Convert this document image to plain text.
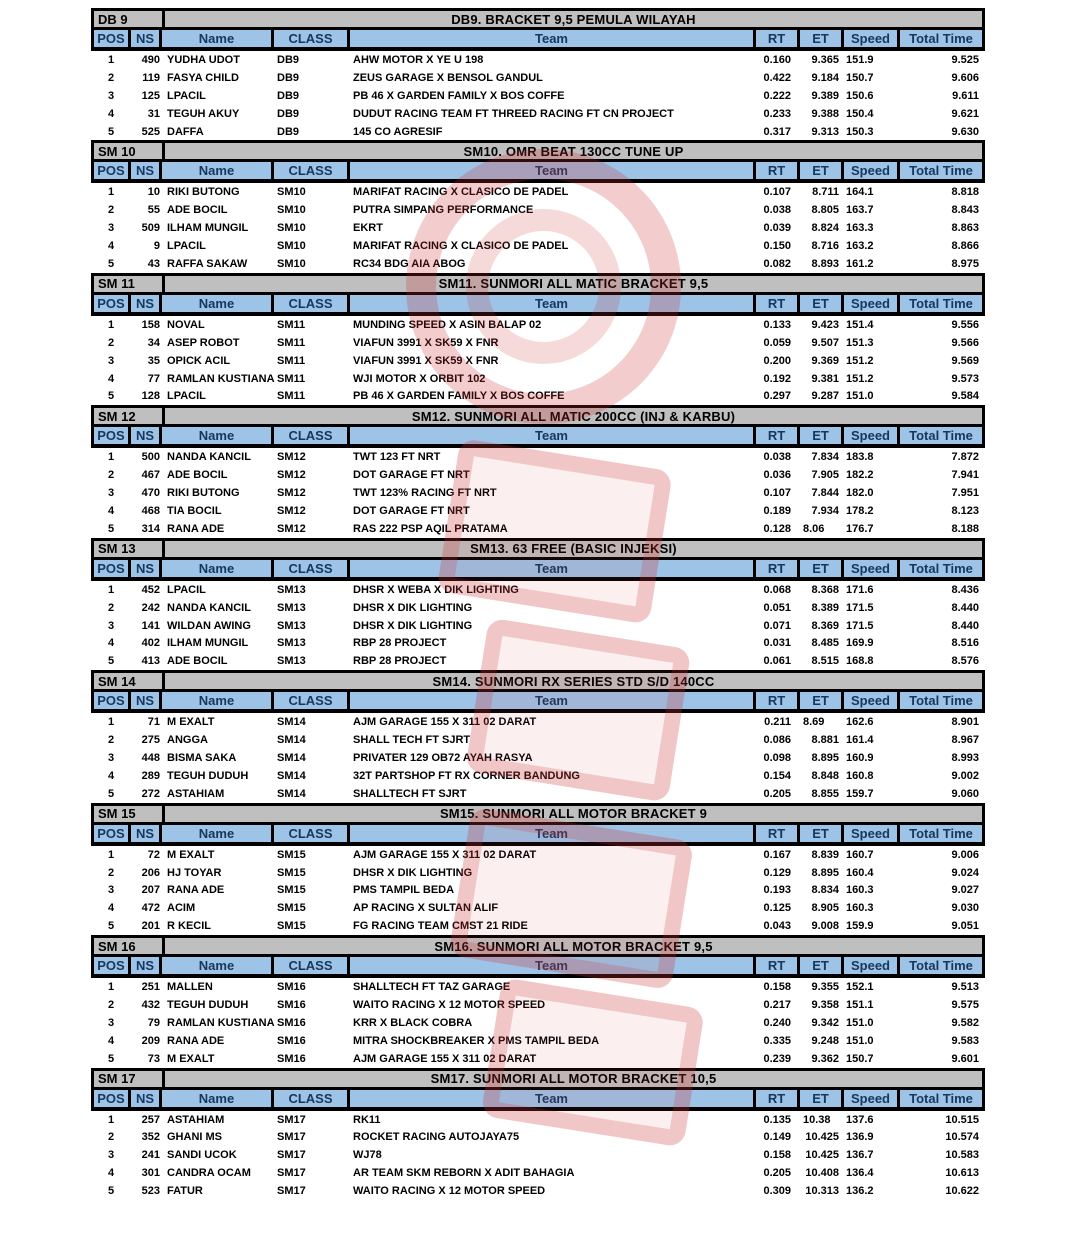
DB 9	DB9. BRACKET 9,5 PEMULA WILAYAH
POS NS	Name	CLASS	Team	RT	ET	Speed	Total Time
1	490 YUDHA UDOT	DB9	AHW MOTOR X YE U 198	0.160	9.365 151.9	9.525
2	119 FASYA CHILD	DB9	ZEUS GARAGE X BENSOL GANDUL	0.422	9.184 150.7	9.606
3	125 LPACIL	DB9	PB 46 X GARDEN FAMILY X BOS COFFE	0.222	9.389 150.6	9.611
4	31 TEGUH AKUY	DB9	DUDUT RACING TEAM FT THREED RACING FT CN PROJECT	0.233	9.388 150.4	9.621
5	525 DAFFA	DB9	145 CO AGRESIF	0.317	9.313 150.3	9.630
SM 10	SM10. OMR BEAT 130CC TUNE UP
POS NS	Name	CLASS	Team	RT	ET	Speed	Total Time
1	10 RIKI BUTONG	SM10	MARIFAT RACING X CLASICO DE PADEL	0.107	8.711 164.1	8.818
2	55 ADE BOCIL	SM10	PUTRA SIMPANG PERFORMANCE	0.038	8.805 163.7	8.843
3	509 ILHAM MUNGIL	SM10	EKRT	0.039	8.824 163.3	8.863
4	9 LPACIL	SM10	MARIFAT RACING X CLASICO DE PADEL	0.150	8.716 163.2	8.866
5	43 RAFFA SAKAW	SM10	RC34 BDG AIA ABOG	0.082	8.893 161.2	8.975
SM 11	SM11. SUNMORI ALL MATIC BRACKET 9,5
POS NS	Name	CLASS	Team	RT	ET	Speed	Total Time
1	158 NOVAL	SM11	MUNDING SPEED X ASIN BALAP 02	0.133	9.423 151.4	9.556
2	34 ASEP ROBOT	SM11	VIAFUN 3991 X SK59 X FNR	0.059	9.507 151.3	9.566
3	35 OPICK ACIL	SM11	VIAFUN 3991 X SK59 X FNR	0.200	9.369 151.2	9.569
4	77 RAMLAN KUSTIANA SM11	WJI MOTOR X ORBIT 102	0.192	9.381 151.2	9.573
5	128 LPACIL	SM11	PB 46 X GARDEN FAMILY X BOS COFFE	0.297	9.287 151.0	9.584
SM 12	SM12. SUNMORI ALL MATIC 200CC (INJ & KARBU)
POS NS	Name	CLASS	Team	RT	ET	Speed	Total Time
1	500 NANDA KANCIL	SM12	TWT 123 FT NRT	0.038	7.834 183.8	7.872
2	467 ADE BOCIL	SM12	DOT GARAGE FT NRT	0.036	7.905 182.2	7.941
3	470 RIKI BUTONG	SM12	TWT 123% RACING FT NRT	0.107	7.844 182.0	7.951
4	468 TIA BOCIL	SM12	DOT GARAGE FT NRT	0.189	7.934 178.2	8.123
5	314 RANA ADE	SM12	RAS 222 PSP AQIL PRATAMA	0.128	8.06	176.7	8.188
SM 13	SM13. 63 FREE (BASIC INJEKSI)
POS NS	Name	CLASS	Team	RT	ET	Speed	Total Time
1	452 LPACIL	SM13	DHSR X WEBA X DIK LIGHTING	0.068	8.368 171.6	8.436
2	242 NANDA KANCIL	SM13	DHSR X DIK LIGHTING	0.051	8.389 171.5	8.440
3	141 WILDAN AWING	SM13	DHSR X DIK LIGHTING	0.071	8.369 171.5	8.440
4	402 ILHAM MUNGIL	SM13	RBP 28 PROJECT	0.031	8.485 169.9	8.516
5	413 ADE BOCIL	SM13	RBP 28 PROJECT	0.061	8.515 168.8	8.576
SM 14	SM14. SUNMORI RX SERIES STD S/D 140CC
POS NS	Name	CLASS	Team	RT	ET	Speed	Total Time
1	71 M EXALT	SM14	AJM GARAGE 155 X 311 02 DARAT	0.211	8.69	162.6	8.901
2	275 ANGGA	SM14	SHALL TECH FT SJRT	0.086	8.881 161.4	8.967
3	448 BISMA SAKA	SM14	PRIVATER 129 OB72 AYAH RASYA	0.098	8.895 160.9	8.993
4	289 TEGUH DUDUH	SM14	32T PARTSHOP FT RX CORNER BANDUNG	0.154	8.848 160.8	9.002
5	272 ASTAHIAM	SM14	SHALLTECH FT SJRT	0.205	8.855 159.7	9.060
SM 15	SM15. SUNMORI ALL MOTOR BRACKET 9
POS NS	Name	CLASS	Team	RT	ET	Speed	Total Time
1	72 M EXALT	SM15	AJM GARAGE 155 X 311 02 DARAT	0.167	8.839 160.7	9.006
2	206 HJ TOYAR	SM15	DHSR X DIK LIGHTING	0.129	8.895 160.4	9.024
3	207 RANA ADE	SM15	PMS TAMPIL BEDA	0.193	8.834 160.3	9.027
4	472 ACIM	SM15	AP RACING X SULTAN ALIF	0.125	8.905 160.3	9.030
5	201 R KECIL	SM15	FG RACING TEAM CMST 21 RIDE	0.043	9.008 159.9	9.051
SM 16	SM16. SUNMORI ALL MOTOR BRACKET 9,5
POS NS	Name	CLASS	Team	RT	ET	Speed	Total Time
1	251 MALLEN	SM16	SHALLTECH FT TAZ GARAGE	0.158	9.355 152.1	9.513
2	432 TEGUH DUDUH	SM16	WAITO RACING X 12 MOTOR SPEED	0.217	9.358 151.1	9.575
3	79 RAMLAN KUSTIANA SM16	KRR X BLACK COBRA	0.240	9.342 151.0	9.582
4	209 RANA ADE	SM16	MITRA SHOCKBREAKER X PMS TAMPIL BEDA	0.335	9.248 151.0	9.583
5	73 M EXALT	SM16	AJM GARAGE 155 X 311 02 DARAT	0.239	9.362 150.7	9.601
SM 17	SM17. SUNMORI ALL MOTOR BRACKET 10,5
POS NS	Name	CLASS	Team	RT	ET	Speed	Total Time
1	257 ASTAHIAM	SM17	RK11	0.135	10.38	137.6	10.515
2	352 GHANI MS	SM17	ROCKET RACING AUTOJAYA75	0.149	10.425 136.9	10.574
3	241 SANDI UCOK	SM17	WJ78	0.158	10.425 136.7	10.583
4	301 CANDRA OCAM	SM17	AR TEAM SKM REBORN X ADIT BAHAGIA	0.205	10.408 136.4	10.613
5	523 FATUR	SM17	WAITO RACING X 12 MOTOR SPEED	0.309	10.313 136.2	10.622
